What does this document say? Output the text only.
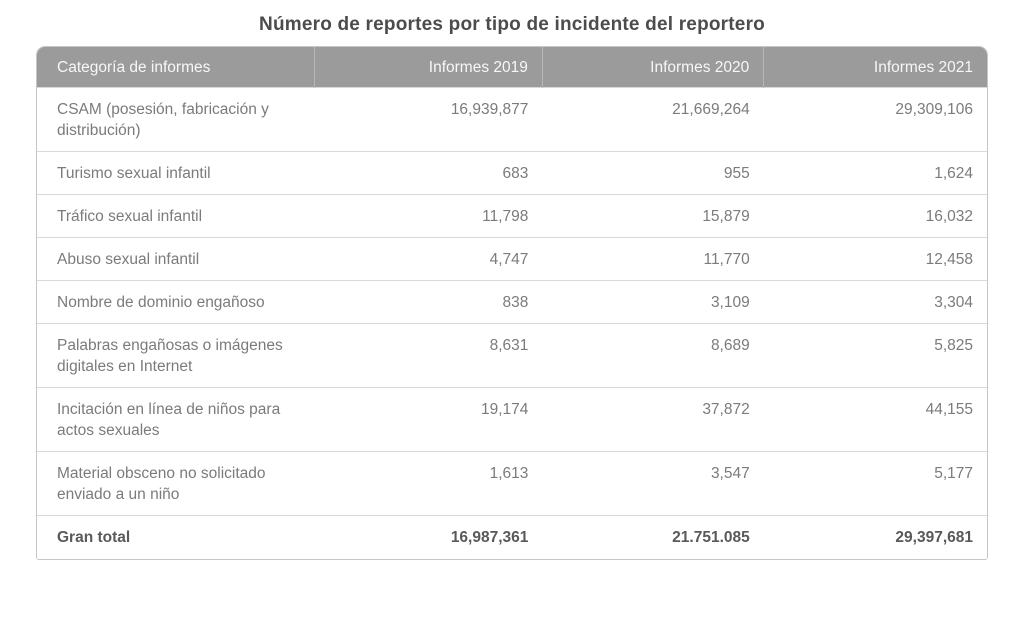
Número de reportes por tipo de incidente del reportero
Categoría de informes	Informes 2019	Informes 2020	Informes 2021
CSAM (posesión, fabricación y distribución)	16,939,877	21,669,264	29,309,106
Turismo sexual infantil	683	955	1,624
Tráfico sexual infantil	11,798	15,879	16,032
Abuso sexual infantil	4,747	11,770	12,458
Nombre de dominio engañoso	838	3,109	3,304
Palabras engañosas o imágenes digitales en Internet	8,631	8,689	5,825
Incitación en línea de niños para actos sexuales	19,174	37,872	44,155
Material obsceno no solicitado enviado a un niño	1,613	3,547	5,177
Gran total	16,987,361	21.751.085	29,397,681
